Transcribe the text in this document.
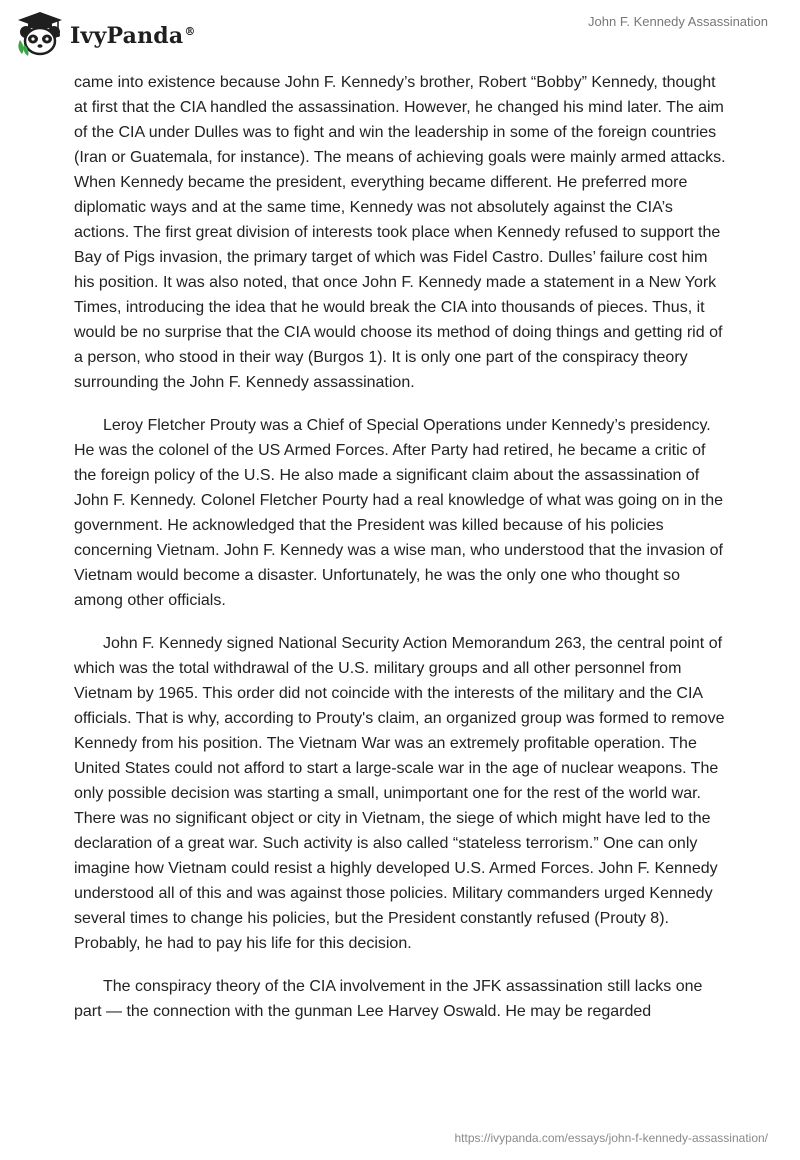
IvyPanda®
John F. Kennedy Assassination

came into existence because John F. Kennedy’s brother, Robert “Bobby” Kennedy, thought at first that the CIA handled the assassination. However, he changed his mind later. The aim of the CIA under Dulles was to fight and win the leadership in some of the foreign countries (Iran or Guatemala, for instance). The means of achieving goals were mainly armed attacks. When Kennedy became the president, everything became different. He preferred more diplomatic ways and at the same time, Kennedy was not absolutely against the CIA’s actions. The first great division of interests took place when Kennedy refused to support the Bay of Pigs invasion, the primary target of which was Fidel Castro. Dulles’ failure cost him his position. It was also noted, that once John F. Kennedy made a statement in a New York Times, introducing the idea that he would break the CIA into thousands of pieces. Thus, it would be no surprise that the CIA would choose its method of doing things and getting rid of a person, who stood in their way (Burgos 1). It is only one part of the conspiracy theory surrounding the John F. Kennedy assassination.

Leroy Fletcher Prouty was a Chief of Special Operations under Kennedy’s presidency. He was the colonel of the US Armed Forces. After Party had retired, he became a critic of the foreign policy of the U.S. He also made a significant claim about the assassination of John F. Kennedy. Colonel Fletcher Pourty had a real knowledge of what was going on in the government. He acknowledged that the President was killed because of his policies concerning Vietnam. John F. Kennedy was a wise man, who understood that the invasion of Vietnam would become a disaster. Unfortunately, he was the only one who thought so among other officials.

John F. Kennedy signed National Security Action Memorandum 263, the central point of which was the total withdrawal of the U.S. military groups and all other personnel from Vietnam by 1965. This order did not coincide with the interests of the military and the CIA officials. That is why, according to Prouty's claim, an organized group was formed to remove Kennedy from his position. The Vietnam War was an extremely profitable operation. The United States could not afford to start a large-scale war in the age of nuclear weapons. The only possible decision was starting a small, unimportant one for the rest of the world war. There was no significant object or city in Vietnam, the siege of which might have led to the declaration of a great war. Such activity is also called “stateless terrorism.” One can only imagine how Vietnam could resist a highly developed U.S. Armed Forces. John F. Kennedy understood all of this and was against those policies. Military commanders urged Kennedy several times to change his policies, but the President constantly refused (Prouty 8). Probably, he had to pay his life for this decision.

The conspiracy theory of the CIA involvement in the JFK assassination still lacks one part — the connection with the gunman Lee Harvey Oswald. He may be regarded

https://ivypanda.com/essays/john-f-kennedy-assassination/
